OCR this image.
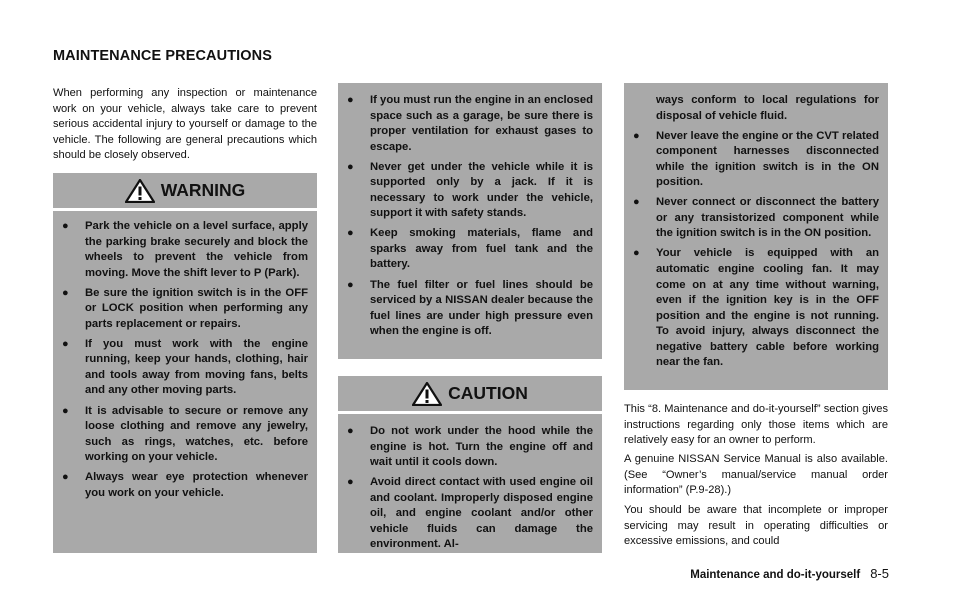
MAINTENANCE PRECAUTIONS

When performing any inspection or maintenance work on your vehicle, always take care to prevent serious accidental injury to yourself or damage to the vehicle. The following are general precautions which should be closely observed.

WARNING
● Park the vehicle on a level surface, apply the parking brake securely and block the wheels to prevent the vehicle from moving. Move the shift lever to P (Park).
● Be sure the ignition switch is in the OFF or LOCK position when performing any parts replacement or repairs.
● If you must work with the engine running, keep your hands, clothing, hair and tools away from moving fans, belts and any other moving parts.
● It is advisable to secure or remove any loose clothing and remove any jewelry, such as rings, watches, etc. before working on your vehicle.
● Always wear eye protection whenever you work on your vehicle.
● If you must run the engine in an enclosed space such as a garage, be sure there is proper ventilation for exhaust gases to escape.
● Never get under the vehicle while it is supported only by a jack. If it is necessary to work under the vehicle, support it with safety stands.
● Keep smoking materials, flame and sparks away from fuel tank and the battery.
● The fuel filter or fuel lines should be serviced by a NISSAN dealer because the fuel lines are under high pressure even when the engine is off.
CAUTION
● Do not work under the hood while the engine is hot. Turn the engine off and wait until it cools down.
● Avoid direct contact with used engine oil and coolant. Improperly disposed engine oil, and engine coolant and/or other vehicle fluids can damage the environment. Al-
ways conform to local regulations for disposal of vehicle fluid.
● Never leave the engine or the CVT related component harnesses disconnected while the ignition switch is in the ON position.
● Never connect or disconnect the battery or any transistorized component while the ignition switch is in the ON position.
● Your vehicle is equipped with an automatic engine cooling fan. It may come on at any time without warning, even if the ignition key is in the OFF position and the engine is not running. To avoid injury, always disconnect the negative battery cable before working near the fan.

This “8. Maintenance and do-it-yourself” section gives instructions regarding only those items which are relatively easy for an owner to perform.

A genuine NISSAN Service Manual is also available. (See “Owner’s manual/service manual order information” (P.9-28).)

You should be aware that incomplete or improper servicing may result in operating difficulties or excessive emissions, and could

Maintenance and do-it-yourself 8-5
